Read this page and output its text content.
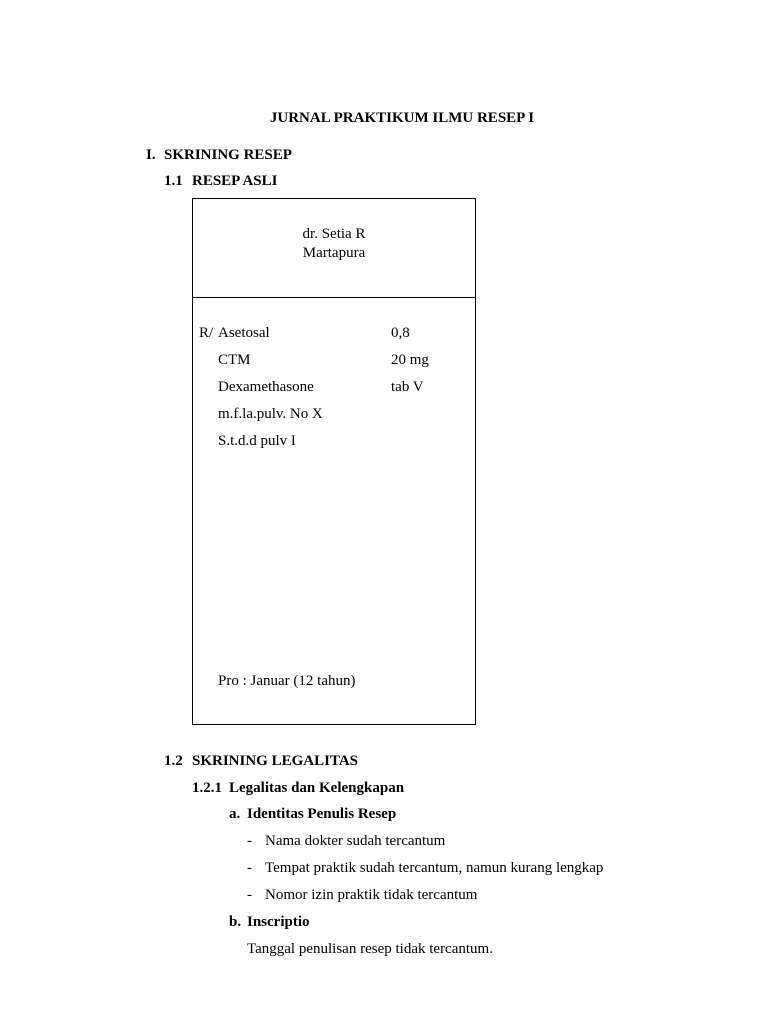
JURNAL PRAKTIKUM ILMU RESEP I
I. SKRINING RESEP
1.1 RESEP ASLI
dr. Setia R
Martapura
R/ Asetosal	0,8
CTM	20 mg
Dexamethasone	tab V
m.f.la.pulv. No X
S.t.d.d pulv I
Pro : Januar (12 tahun)
1.2 SKRINING LEGALITAS
1.2.1 Legalitas dan Kelengkapan
a. Identitas Penulis Resep
- Nama dokter sudah tercantum
- Tempat praktik sudah tercantum, namun kurang lengkap
- Nomor izin praktik tidak tercantum
b. Inscriptio
Tanggal penulisan resep tidak tercantum.
